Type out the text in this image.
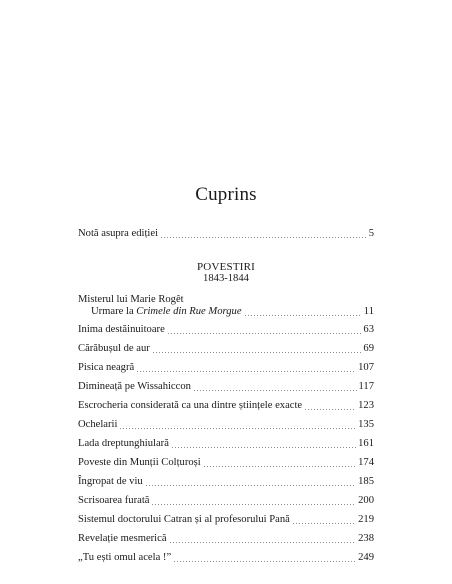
Cuprins
Notă asupra ediției	5
POVESTIRI
1843-1844
Misterul lui Marie Rogêt
Urmare la Crimele din Rue Morgue	11
Inima destăinuitoare	63
Cărăbușul de aur	69
Pisica neagră	107
Dimineață pe Wissahiccon	117
Escrocheria considerată ca una dintre științele exacte	123
Ochelarii	135
Lada dreptunghiulară	161
Poveste din Munții Colțuroși	174
Îngropat de viu	185
Scrisoarea furată	200
Sistemul doctorului Catran și al profesorului Pană	219
Revelație mesmerică	238
„Tu ești omul acela !”	249
